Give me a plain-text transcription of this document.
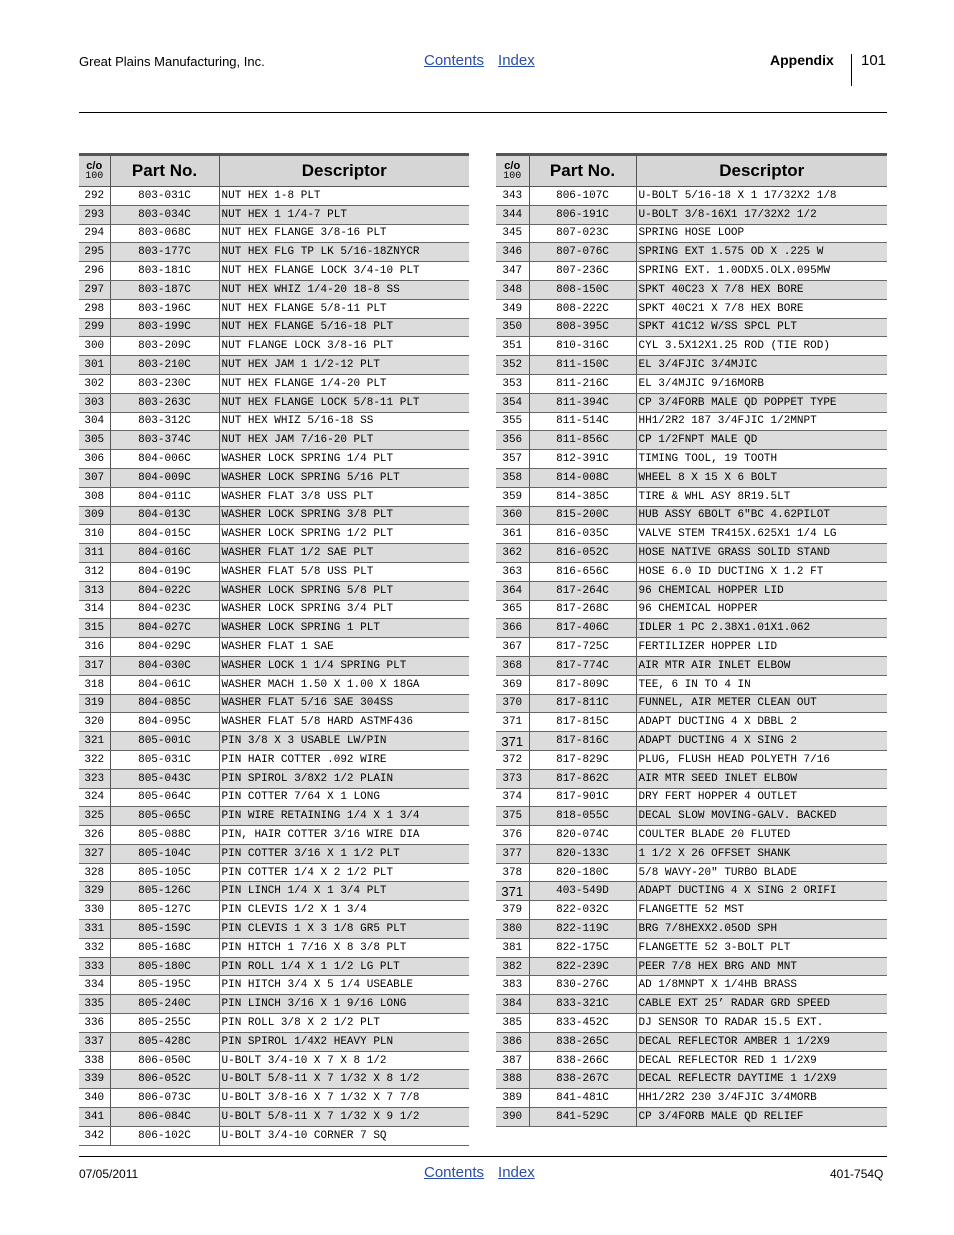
Great Plains Manufacturing, Inc.	Contents Index	Appendix 101
c/o
100	Part No.	Descriptor
292	803-031C	NUT HEX 1-8 PLT
293	803-034C	NUT HEX 1 1/4-7 PLT
294	803-068C	NUT HEX FLANGE 3/8-16 PLT
295	803-177C	NUT HEX FLG TP LK 5/16-18ZNYCR
296	803-181C	NUT HEX FLANGE LOCK 3/4-10 PLT
297	803-187C	NUT HEX WHIZ 1/4-20 18-8 SS
298	803-196C	NUT HEX FLANGE 5/8-11 PLT
299	803-199C	NUT HEX FLANGE 5/16-18 PLT
300	803-209C	NUT FLANGE LOCK 3/8-16 PLT
301	803-210C	NUT HEX JAM 1 1/2-12 PLT
302	803-230C	NUT HEX FLANGE 1/4-20 PLT
303	803-263C	NUT HEX FLANGE LOCK 5/8-11 PLT
304	803-312C	NUT HEX WHIZ 5/16-18 SS
305	803-374C	NUT HEX JAM 7/16-20 PLT
306	804-006C	WASHER LOCK SPRING 1/4 PLT
307	804-009C	WASHER LOCK SPRING 5/16 PLT
308	804-011C	WASHER FLAT 3/8 USS PLT
309	804-013C	WASHER LOCK SPRING 3/8 PLT
310	804-015C	WASHER LOCK SPRING 1/2 PLT
311	804-016C	WASHER FLAT 1/2 SAE PLT
312	804-019C	WASHER FLAT 5/8 USS PLT
313	804-022C	WASHER LOCK SPRING 5/8 PLT
314	804-023C	WASHER LOCK SPRING 3/4 PLT
315	804-027C	WASHER LOCK SPRING 1 PLT
316	804-029C	WASHER FLAT 1 SAE
317	804-030C	WASHER LOCK 1 1/4 SPRING PLT
318	804-061C	WASHER MACH 1.50 X 1.00 X 18GA
319	804-085C	WASHER FLAT 5/16 SAE 304SS
320	804-095C	WASHER FLAT 5/8 HARD ASTMF436
321	805-001C	PIN 3/8 X 3 USABLE LW/PIN
322	805-031C	PIN HAIR COTTER .092 WIRE
323	805-043C	PIN SPIROL 3/8X2 1/2 PLAIN
324	805-064C	PIN COTTER 7/64 X 1 LONG
325	805-065C	PIN WIRE RETAINING 1/4 X 1 3/4
326	805-088C	PIN, HAIR COTTER 3/16 WIRE DIA
327	805-104C	PIN COTTER 3/16 X 1 1/2 PLT
328	805-105C	PIN COTTER 1/4 X 2 1/2 PLT
329	805-126C	PIN LINCH 1/4 X 1 3/4 PLT
330	805-127C	PIN CLEVIS 1/2 X 1 3/4
331	805-159C	PIN CLEVIS 1 X 3 1/8 GR5 PLT
332	805-168C	PIN HITCH 1 7/16 X 8 3/8 PLT
333	805-180C	PIN ROLL 1/4 X 1 1/2 LG PLT
334	805-195C	PIN HITCH 3/4 X 5 1/4 USEABLE
335	805-240C	PIN LINCH 3/16 X 1 9/16 LONG
336	805-255C	PIN ROLL 3/8 X 2 1/2 PLT
337	805-428C	PIN SPIROL 1/4X2 HEAVY PLN
338	806-050C	U-BOLT 3/4-10 X 7 X 8 1/2
339	806-052C	U-BOLT 5/8-11 X 7 1/32 X 8 1/2
340	806-073C	U-BOLT 3/8-16 X 7 1/32 X 7 7/8
341	806-084C	U-BOLT 5/8-11 X 7 1/32 X 9 1/2
342	806-102C	U-BOLT 3/4-10 CORNER 7 SQ
c/o
100	Part No.	Descriptor
343	806-107C	U-BOLT 5/16-18 X 1 17/32X2 1/8
344	806-191C	U-BOLT 3/8-16X1 17/32X2 1/2
345	807-023C	SPRING HOSE LOOP
346	807-076C	SPRING EXT 1.575 OD X .225 W
347	807-236C	SPRING EXT. 1.0ODX5.OLX.095MW
348	808-150C	SPKT 40C23 X 7/8 HEX BORE
349	808-222C	SPKT 40C21 X 7/8 HEX BORE
350	808-395C	SPKT 41C12 W/SS SPCL PLT
351	810-316C	CYL 3.5X12X1.25 ROD (TIE ROD)
352	811-150C	EL 3/4FJIC 3/4MJIC
353	811-216C	EL 3/4MJIC 9/16MORB
354	811-394C	CP 3/4FORB MALE QD POPPET TYPE
355	811-514C	HH1/2R2 187 3/4FJIC 1/2MNPT
356	811-856C	CP 1/2FNPT MALE QD
357	812-391C	TIMING TOOL, 19 TOOTH
358	814-008C	WHEEL 8 X 15 X 6 BOLT
359	814-385C	TIRE & WHL ASY 8R19.5LT
360	815-200C	HUB ASSY 6BOLT 6"BC 4.62PILOT
361	816-035C	VALVE STEM TR415X.625X1 1/4 LG
362	816-052C	HOSE NATIVE GRASS SOLID STAND
363	816-656C	HOSE 6.0 ID DUCTING X 1.2 FT
364	817-264C	96 CHEMICAL HOPPER LID
365	817-268C	96 CHEMICAL HOPPER
366	817-406C	IDLER 1 PC 2.38X1.01X1.062
367	817-725C	FERTILIZER HOPPER LID
368	817-774C	AIR MTR AIR INLET ELBOW
369	817-809C	TEE, 6 IN TO 4 IN
370	817-811C	FUNNEL, AIR METER CLEAN OUT
371	817-815C	ADAPT DUCTING 4 X DBBL 2
371	817-816C	ADAPT DUCTING 4 X SING 2
372	817-829C	PLUG, FLUSH HEAD POLYETH 7/16
373	817-862C	AIR MTR SEED INLET ELBOW
374	817-901C	DRY FERT HOPPER 4 OUTLET
375	818-055C	DECAL SLOW MOVING-GALV. BACKED
376	820-074C	COULTER BLADE 20 FLUTED
377	820-133C	1 1/2 X 26 OFFSET SHANK
378	820-180C	5/8 WAVY-20" TURBO BLADE
371	403-549D	ADAPT DUCTING 4 X SING 2 ORIFI
379	822-032C	FLANGETTE 52 MST
380	822-119C	BRG 7/8HEXX2.05OD SPH
381	822-175C	FLANGETTE 52 3-BOLT PLT
382	822-239C	PEER 7/8 HEX BRG AND MNT
383	830-276C	AD 1/8MNPT X 1/4HB BRASS
384	833-321C	CABLE EXT 25’ RADAR GRD SPEED
385	833-452C	DJ SENSOR TO RADAR 15.5 EXT.
386	838-265C	DECAL REFLECTOR AMBER 1 1/2X9
387	838-266C	DECAL REFLECTOR RED 1 1/2X9
388	838-267C	DECAL REFLECTR DAYTIME 1 1/2X9
389	841-481C	HH1/2R2 230 3/4FJIC 3/4MORB
390	841-529C	CP 3/4FORB MALE QD RELIEF
07/05/2011	Contents Index	401-754Q
